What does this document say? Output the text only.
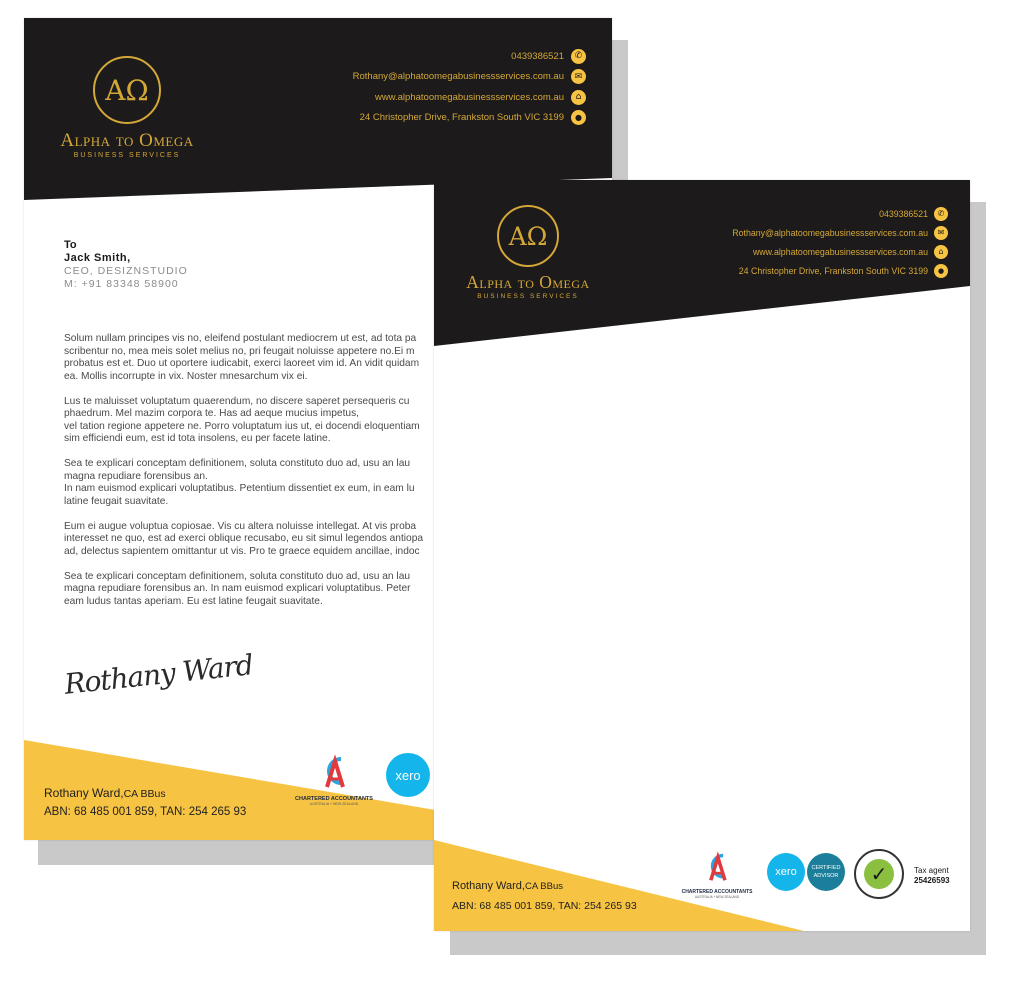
ΑΩ
Alpha to Omega
BUSINESS SERVICES
0439386521	✆
Rothany@alphatoomegabusinessservices.com.au	✉
www.alphatoomegabusinessservices.com.au	⌂
24 Christopher Drive, Frankston South VIC 3199	●
To
Jack Smith,
CEO, DESIZNSTUDIO
M: +91 83348 58900

Solum nullam principes vis no, eleifend postulant mediocrem ut est, ad tota pa
scribentur no, mea meis solet melius no, pri feugait noluisse appetere no.Ei m
probatus est et. Duo ut oportere iudicabit, exerci laoreet vim id. An vidit quidam
ea. Mollis incorrupte in vix. Noster mnesarchum vix ei.

Lus te maluisset voluptatum quaerendum, no discere saperet persequeris cu
phaedrum. Mel mazim corpora te. Has ad aeque mucius impetus,
vel tation regione appetere ne. Porro voluptatum ius ut, ei docendi eloquentiam
sim efficiendi eum, est id tota insolens, eu per facete latine.

Sea te explicari conceptam definitionem, soluta constituto duo ad, usu an lau
magna repudiare forensibus an.
In nam euismod explicari voluptatibus. Petentium dissentiet ex eum, in eam lu
latine feugait suavitate.

Eum ei augue voluptua copiosae. Vis cu altera noluisse intellegat. At vis proba
interesset ne quo, est ad exerci oblique recusabo, eu sit simul legendos antiopa
ad, delectus sapientem omittantur ut vis. Pro te graece equidem ancillae, indoc

Sea te explicari conceptam definitionem, soluta constituto duo ad, usu an lau
magna repudiare forensibus an. In nam euismod explicari voluptatibus. Peter
eam ludus tantas aperiam. Eu est latine feugait suavitate.

Rothany Ward
Rothany Ward,CA BBus
ABN: 68 485 001 859, TAN: 254 265 93
CHARTERED ACCOUNTANTS
AUSTRALIA + NEW ZEALAND
xero
ΑΩ
Alpha to Omega
BUSINESS SERVICES
0439386521	✆
Rothany@alphatoomegabusinessservices.com.au	✉
www.alphatoomegabusinessservices.com.au	⌂
24 Christopher Drive, Frankston South VIC 3199	●
Rothany Ward,CA BBus
ABN: 68 485 001 859, TAN: 254 265 93
CHARTERED ACCOUNTANTS
AUSTRALIA + NEW ZEALAND
xero	CERTIFIED
ADVISOR	✓	Tax agent
25426593
